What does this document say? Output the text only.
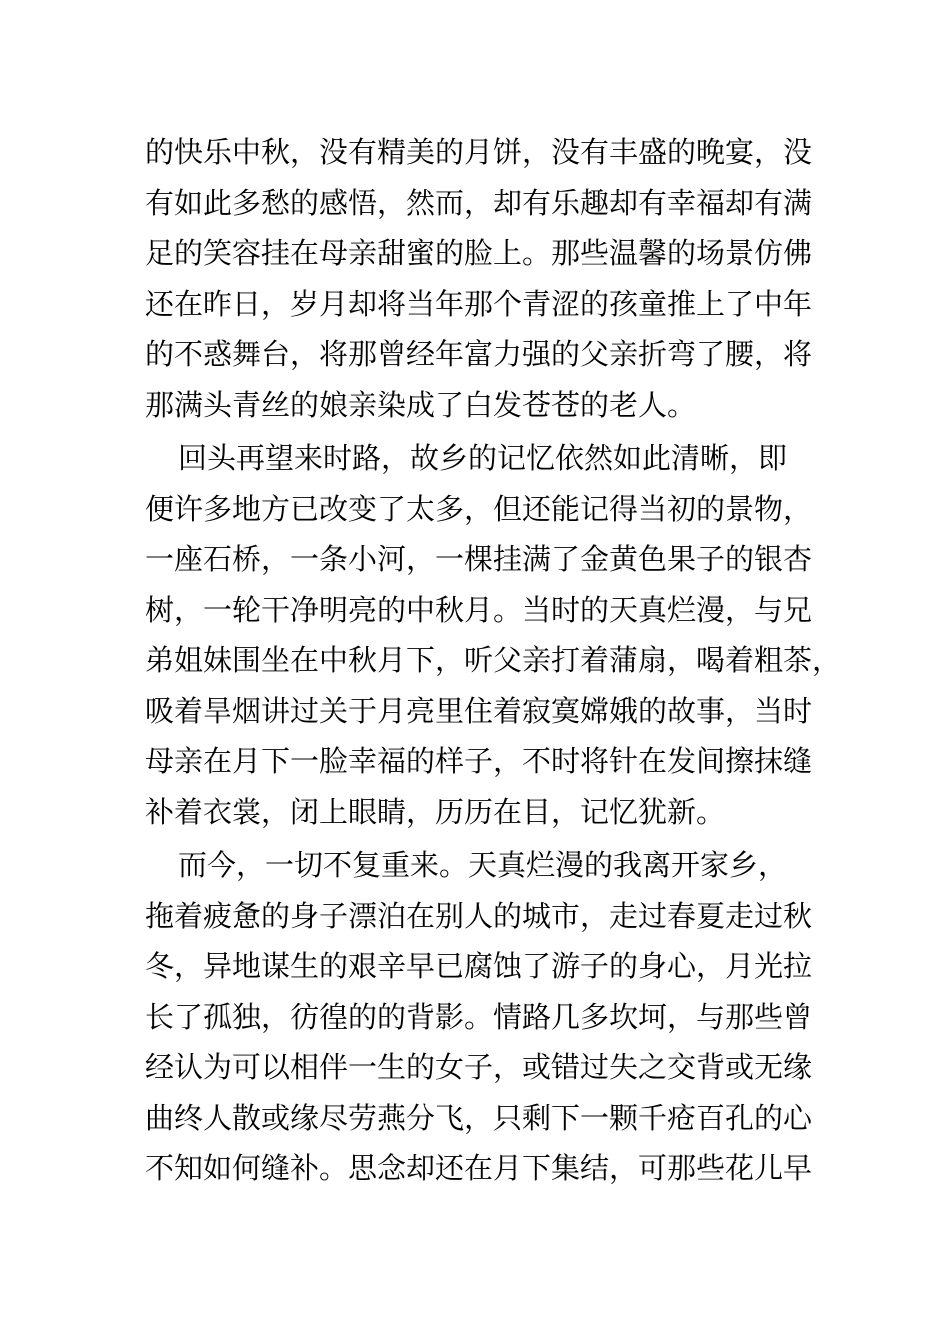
的快乐中秋，没有精美的月饼，没有丰盛的晚宴，没
有如此多愁的感悟，然而，却有乐趣却有幸福却有满
足的笑容挂在母亲甜蜜的脸上。那些温馨的场景仿佛
还在昨日，岁月却将当年那个青涩的孩童推上了中年
的不惑舞台，将那曾经年富力强的父亲折弯了腰，将
那满头青丝的娘亲染成了白发苍苍的老人。
回头再望来时路，故乡的记忆依然如此清晰，即
便许多地方已改变了太多，但还能记得当初的景物，
一座石桥，一条小河，一棵挂满了金黄色果子的银杏
树，一轮干净明亮的中秋月。当时的天真烂漫，与兄
弟姐妹围坐在中秋月下，听父亲打着蒲扇，喝着粗茶，
吸着旱烟讲过关于月亮里住着寂寞嫦娥的故事，当时
母亲在月下一脸幸福的样子，不时将针在发间擦抹缝
补着衣裳，闭上眼睛，历历在目，记忆犹新。
而今，一切不复重来。天真烂漫的我离开家乡，
拖着疲惫的身子漂泊在别人的城市，走过春夏走过秋
冬，异地谋生的艰辛早已腐蚀了游子的身心，月光拉
长了孤独，彷徨的的背影。情路几多坎坷，与那些曾
经认为可以相伴一生的女子，或错过失之交背或无缘
曲终人散或缘尽劳燕分飞，只剩下一颗千疮百孔的心
不知如何缝补。思念却还在月下集结，可那些花儿早
